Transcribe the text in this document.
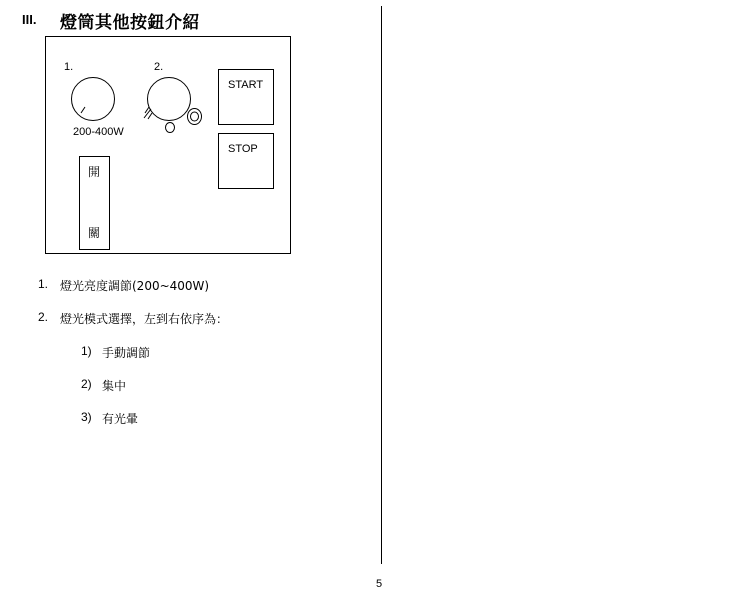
III. 燈筒其他按鈕介紹
1.
200-400W
2.
START
STOP
開
關
1. 燈光亮度調節(200~400W)
2. 燈光模式選擇，左到右依序為：
1) 手動調節
2) 集中
3) 有光暈
5
